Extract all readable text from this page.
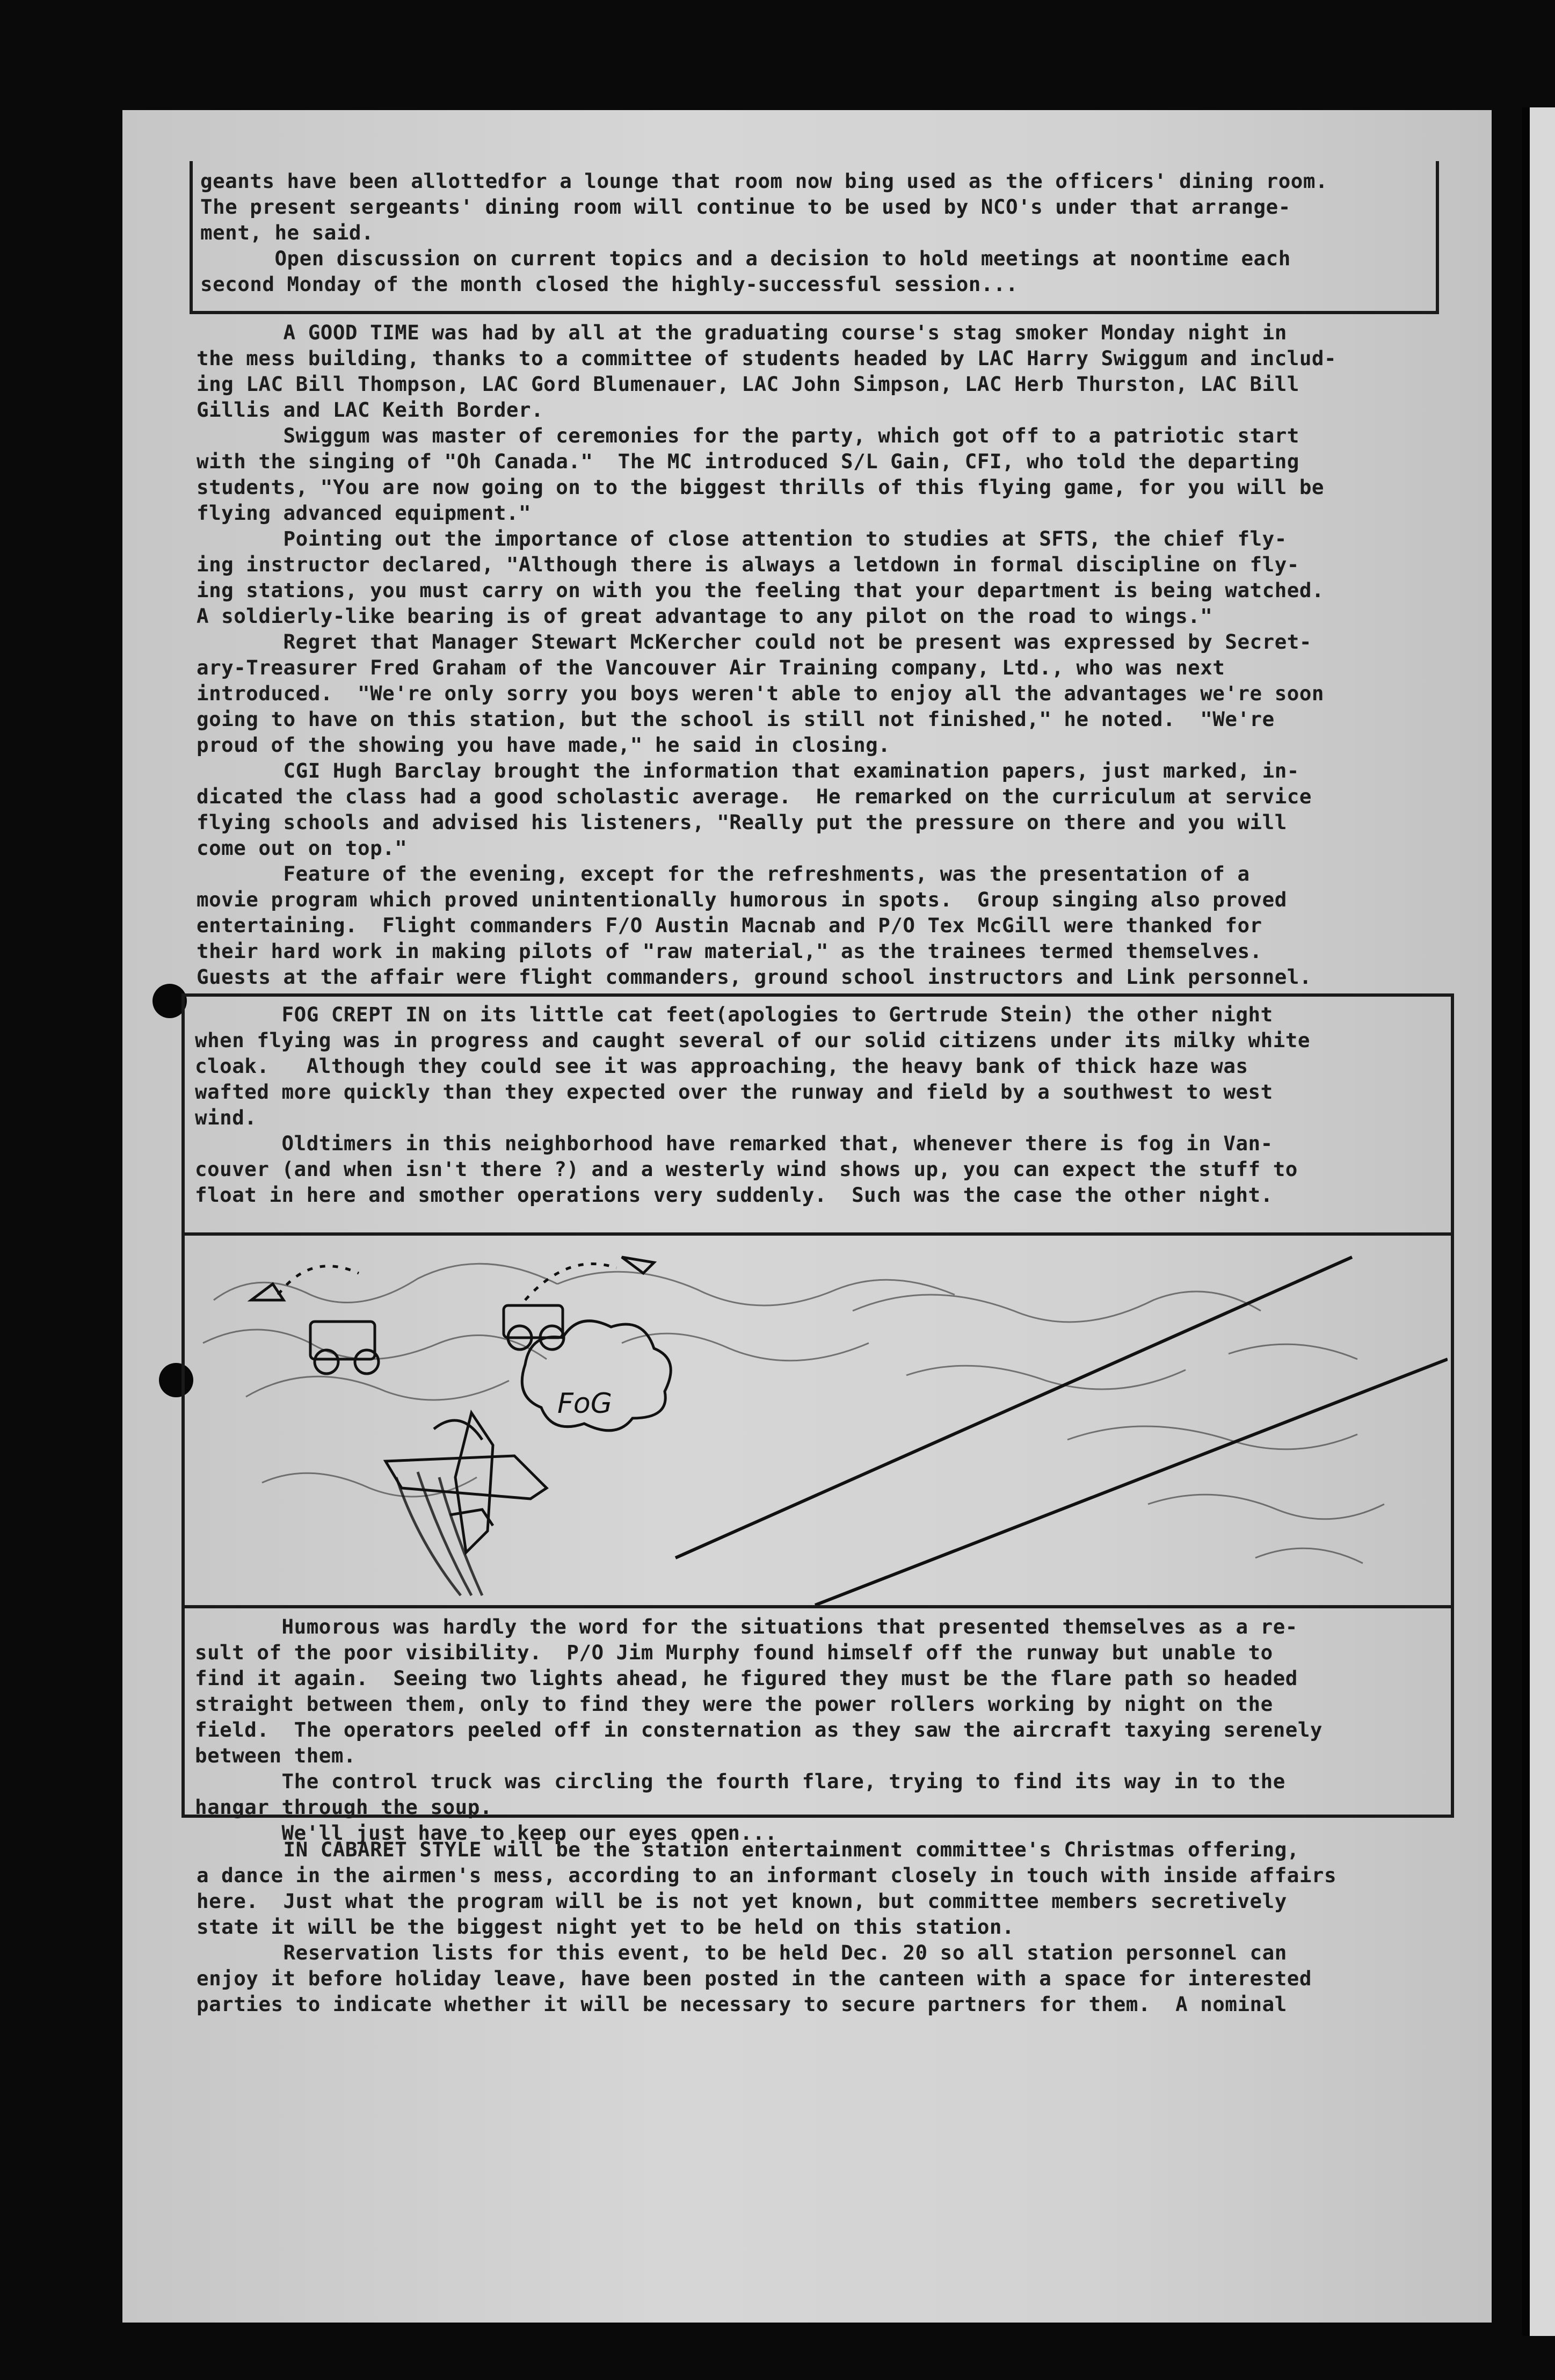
geants have been allottedfor a lounge that room now bing used as the officers' dining room.
The present sergeants' dining room will continue to be used by NCO's under that arrange-
ment, he said.
Open discussion on current topics and a decision to hold meetings at noontime each
second Monday of the month closed the highly-successful session...

A GOOD TIME was had by all at the graduating course's stag smoker Monday night in
the mess building, thanks to a committee of students headed by LAC Harry Swiggum and includ-
ing LAC Bill Thompson, LAC Gord Blumenauer, LAC John Simpson, LAC Herb Thurston, LAC Bill
Gillis and LAC Keith Border.
Swiggum was master of ceremonies for the party, which got off to a patriotic start
with the singing of "Oh Canada."  The MC introduced S/L Gain, CFI, who told the departing
students, "You are now going on to the biggest thrills of this flying game, for you will be
flying advanced equipment."
Pointing out the importance of close attention to studies at SFTS, the chief fly-
ing instructor declared, "Although there is always a letdown in formal discipline on fly-
ing stations, you must carry on with you the feeling that your department is being watched.
A soldierly-like bearing is of great advantage to any pilot on the road to wings."
Regret that Manager Stewart McKercher could not be present was expressed by Secret-
ary-Treasurer Fred Graham of the Vancouver Air Training company, Ltd., who was next
introduced.  "We're only sorry you boys weren't able to enjoy all the advantages we're soon
going to have on this station, but the school is still not finished," he noted.  "We're
proud of the showing you have made," he said in closing.
CGI Hugh Barclay brought the information that examination papers, just marked, in-
dicated the class had a good scholastic average.  He remarked on the curriculum at service
flying schools and advised his listeners, "Really put the pressure on there and you will
come out on top."
Feature of the evening, except for the refreshments, was the presentation of a
movie program which proved unintentionally humorous in spots.  Group singing also proved
entertaining.  Flight commanders F/O Austin Macnab and P/O Tex McGill were thanked for
their hard work in making pilots of "raw material," as the trainees termed themselves.
Guests at the affair were flight commanders, ground school instructors and Link personnel.

FOG CREPT IN on its little cat feet(apologies to Gertrude Stein) the other night
when flying was in progress and caught several of our solid citizens under its milky white
cloak.   Although they could see it was approaching, the heavy bank of thick haze was
wafted more quickly than they expected over the runway and field by a southwest to west
wind.
Oldtimers in this neighborhood have remarked that, whenever there is fog in Van-
couver (and when isn't there ?) and a westerly wind shows up, you can expect the stuff to
float in here and smother operations very suddenly.  Such was the case the other night.

FoG

Humorous was hardly the word for the situations that presented themselves as a re-
sult of the poor visibility.  P/O Jim Murphy found himself off the runway but unable to
find it again.  Seeing two lights ahead, he figured they must be the flare path so headed
straight between them, only to find they were the power rollers working by night on the
field.  The operators peeled off in consternation as they saw the aircraft taxying serenely
between them.
The control truck was circling the fourth flare, trying to find its way in to the
hangar through the soup.
We'll just have to keep our eyes open...

IN CABARET STYLE will be the station entertainment committee's Christmas offering,
a dance in the airmen's mess, according to an informant closely in touch with inside affairs
here.  Just what the program will be is not yet known, but committee members secretively
state it will be the biggest night yet to be held on this station.
Reservation lists for this event, to be held Dec. 20 so all station personnel can
enjoy it before holiday leave, have been posted in the canteen with a space for interested
parties to indicate whether it will be necessary to secure partners for them.  A nominal
